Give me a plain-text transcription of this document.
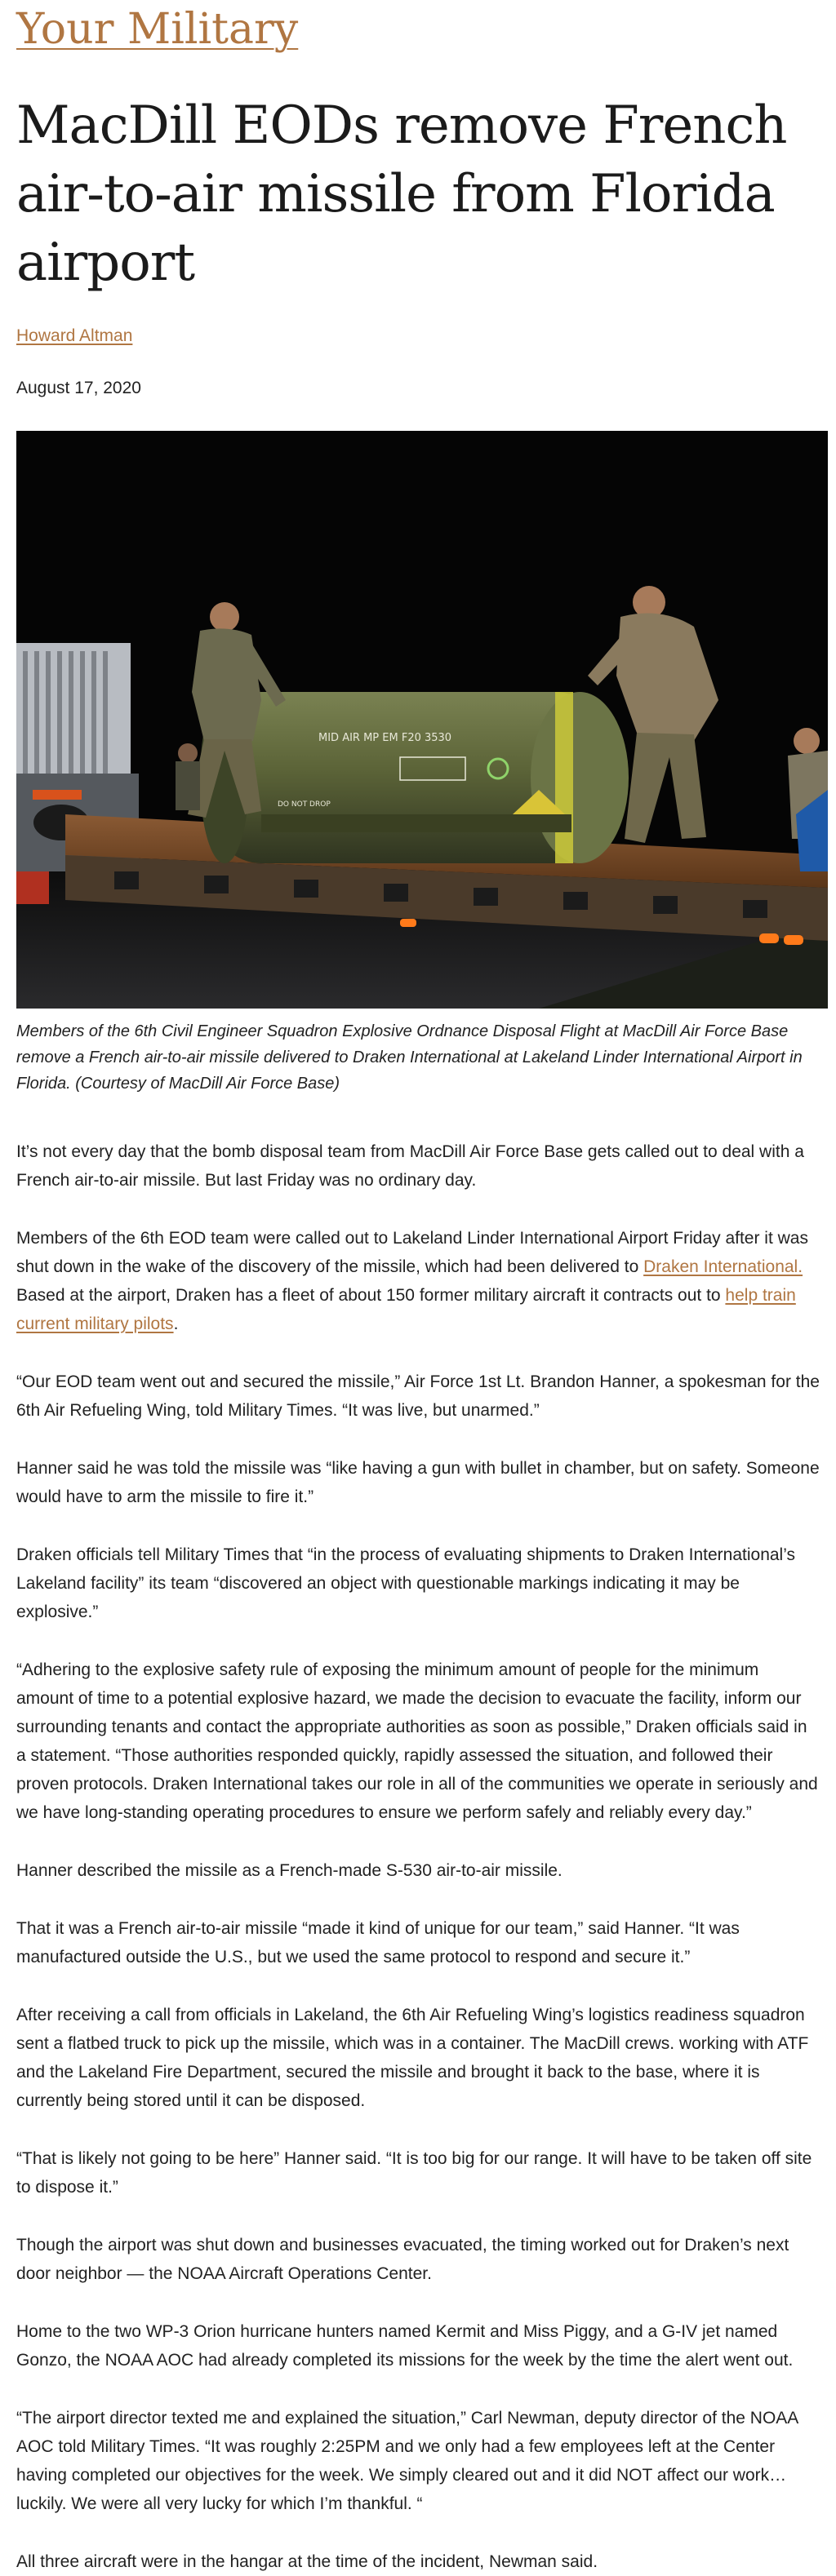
Your Military
MacDill EODs remove French air-to-air missile from Florida airport
Howard Altman
August 17, 2020
MID AIR MP EM F20 3530
DO NOT DROP
Members of the 6th Civil Engineer Squadron Explosive Ordnance Disposal Flight at MacDill Air Force Base remove a French air-to-air missile delivered to Draken International at Lakeland Linder International Airport in Florida. (Courtesy of MacDill Air Force Base)

It’s not every day that the bomb disposal team from MacDill Air Force Base gets called out to deal with a French air-to-air missile. But last Friday was no ordinary day.

Members of the 6th EOD team were called out to Lakeland Linder International Airport Friday after it was shut down in the wake of the discovery of the missile, which had been delivered to Draken International. Based at the airport, Draken has a fleet of about 150 former military aircraft it contracts out to help train current military pilots.

“Our EOD team went out and secured the missile,” Air Force 1st Lt. Brandon Hanner, a spokesman for the 6th Air Refueling Wing, told Military Times. “It was live, but unarmed.”

Hanner said he was told the missile was “like having a gun with bullet in chamber, but on safety. Someone would have to arm the missile to fire it.”

Draken officials tell Military Times that “in the process of evaluating shipments to Draken International’s Lakeland facility” its team “discovered an object with questionable markings indicating it may be explosive.”

“Adhering to the explosive safety rule of exposing the minimum amount of people for the minimum amount of time to a potential explosive hazard, we made the decision to evacuate the facility, inform our surrounding tenants and contact the appropriate authorities as soon as possible,” Draken officials said in a statement. “Those authorities responded quickly, rapidly assessed the situation, and followed their proven protocols. Draken International takes our role in all of the communities we operate in seriously and we have long-standing operating procedures to ensure we perform safely and reliably every day.”

Hanner described the missile as a French-made S-530 air-to-air missile.

That it was a French air-to-air missile “made it kind of unique for our team,” said Hanner. “It was manufactured outside the U.S., but we used the same protocol to respond and secure it.”

After receiving a call from officials in Lakeland, the 6th Air Refueling Wing’s logistics readiness squadron sent a flatbed truck to pick up the missile, which was in a container. The MacDill crews. working with ATF and the Lakeland Fire Department, secured the missile and brought it back to the base, where it is currently being stored until it can be disposed.

“That is likely not going to be here” Hanner said. “It is too big for our range. It will have to be taken off site to dispose it.”

Though the airport was shut down and businesses evacuated, the timing worked out for Draken’s next door neighbor — the NOAA Aircraft Operations Center.

Home to the two WP-3 Orion hurricane hunters named Kermit and Miss Piggy, and a G-IV jet named Gonzo, the NOAA AOC had already completed its missions for the week by the time the alert went out.

“The airport director texted me and explained the situation,” Carl Newman, deputy director of the NOAA AOC told Military Times. “It was roughly 2:25PM and we only had a few employees left at the Center having completed our objectives for the week. We simply cleared out and it did NOT affect our work…luckily. We were all very lucky for which I’m thankful. “

All three aircraft were in the hangar at the time of the incident, Newman said.
